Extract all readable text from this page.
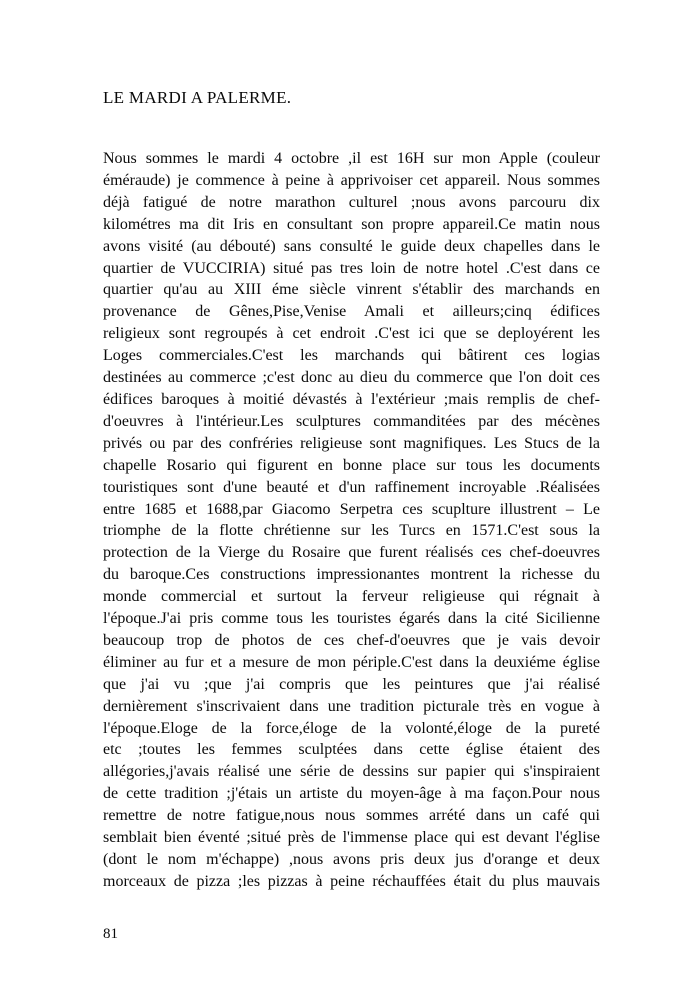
LE MARDI A PALERME.
Nous sommes le mardi 4 octobre ,il est 16H sur mon Apple (couleur
éméraude) je commence à peine à apprivoiser cet appareil. Nous sommes
déjà fatigué de notre marathon culturel ;nous avons parcouru dix
kilométres ma dit Iris en consultant son propre appareil.Ce matin nous
avons visité (au débouté) sans consulté le guide deux chapelles dans le
quartier de VUCCIRIA) situé pas tres loin de notre hotel .C'est dans ce
quartier qu'au au XIII éme siècle vinrent s'établir des marchands en
provenance de Gênes,Pise,Venise Amali et ailleurs;cinq édifices
religieux sont regroupés à cet endroit .C'est ici que se deployérent les
Loges commerciales.C'est les marchands qui bâtirent ces logias
destinées au commerce ;c'est donc au dieu du commerce que l'on doit ces
édifices baroques à moitié dévastés à l'extérieur ;mais remplis de chef-
d'oeuvres à l'intérieur.Les sculptures commanditées par des mécènes
privés ou par des confréries religieuse sont magnifiques. Les Stucs de la
chapelle Rosario qui figurent en bonne place sur tous les documents
touristiques sont d'une beauté et d'un raffinement incroyable .Réalisées
entre 1685 et 1688,par Giacomo Serpetra ces scuplture illustrent – Le
triomphe de la flotte chrétienne sur les Turcs en 1571.C'est sous la
protection de la Vierge du Rosaire que furent réalisés ces chef-doeuvres
du baroque.Ces constructions impressionantes montrent la richesse du
monde commercial et surtout la ferveur religieuse qui régnait à
l'époque.J'ai pris comme tous les touristes égarés dans la cité Sicilienne
beaucoup trop de photos de ces chef-d'oeuvres que je vais devoir
éliminer au fur et a mesure de mon périple.C'est dans la deuxiéme église
que j'ai vu ;que j'ai compris que les peintures que j'ai réalisé
dernièrement s'inscrivaient dans une tradition picturale très en vogue à
l'époque.Eloge de la force,éloge de la volonté,éloge de la pureté
etc ;toutes les femmes sculptées dans cette église étaient des
allégories,j'avais réalisé une série de dessins sur papier qui s'inspiraient
de cette tradition ;j'étais un artiste du moyen-âge à ma façon.Pour nous
remettre de notre fatigue,nous nous sommes arrété dans un café qui
semblait bien éventé ;situé près de l'immense place qui est devant l'église
(dont le nom m'échappe) ,nous avons pris deux jus d'orange et deux
morceaux de pizza ;les pizzas à peine réchauffées était du plus mauvais
81
